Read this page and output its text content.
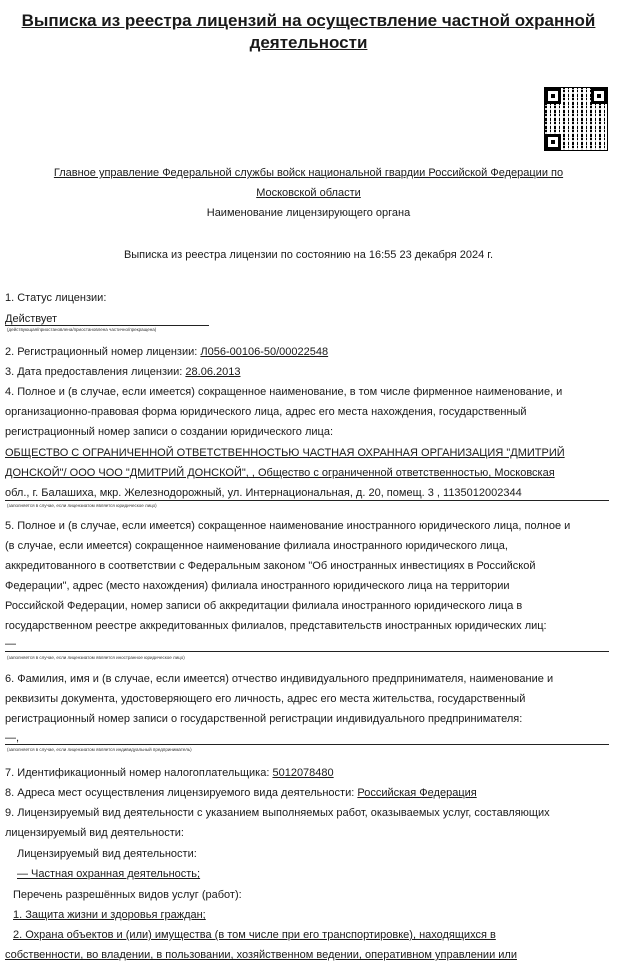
Выписка из реестра лицензий на осуществление частной охранной
деятельности
Главное управление Федеральной службы войск национальной гвардии Российской Федерации по
Московской области
Наименование лицензирующего органа
Выписка из реестра лицензии по состоянию на 16:55 23 декабря 2024 г.
1. Статус лицензии:
Действует
(действующая/приостановлена/приостановлена частично/прекращена)
2. Регистрационный номер лицензии: Л056-00106-50/00022548
3. Дата предоставления лицензии: 28.06.2013
4. Полное и (в случае, если имеется) сокращенное наименование, в том числе фирменное наименование, и
организационно-правовая форма юридического лица, адрес его места нахождения, государственный
регистрационный номер записи о создании юридического лица:
ОБЩЕСТВО С ОГРАНИЧЕННОЙ ОТВЕТСТВЕННОСТЬЮ ЧАСТНАЯ ОХРАННАЯ ОРГАНИЗАЦИЯ "ДМИТРИЙ
ДОНСКОЙ"/ ООО ЧОО "ДМИТРИЙ ДОНСКОЙ", , Общество с ограниченной ответственностью, Московская
обл., г. Балашиха, мкр. Железнодорожный, ул. Интернациональная, д. 20, помещ. 3 , 1135012002344
(заполняется в случае, если лицензиатом является юридическое лицо)
5. Полное и (в случае, если имеется) сокращенное наименование иностранного юридического лица, полное и
(в случае, если имеется) сокращенное наименование филиала иностранного юридического лица,
аккредитованного в соответствии с Федеральным законом "Об иностранных инвестициях в Российской
Федерации", адрес (место нахождения) филиала иностранного юридического лица на территории
Российской Федерации, номер записи об аккредитации филиала иностранного юридического лица в
государственном реестре аккредитованных филиалов, представительств иностранных юридических лиц:
—
(заполняется в случае, если лицензиатом является иностранное юридическое лицо)
6. Фамилия, имя и (в случае, если имеется) отчество индивидуального предпринимателя, наименование и
реквизиты документа, удостоверяющего его личность, адрес его места жительства, государственный
регистрационный номер записи о государственной регистрации индивидуального предпринимателя:
—,
(заполняется в случае, если лицензиатом является индивидуальный предприниматель)
7. Идентификационный номер налогоплательщика: 5012078480
8. Адреса мест осуществления лицензируемого вида деятельности: Российская Федерация
9. Лицензируемый вид деятельности с указанием выполняемых работ, оказываемых услуг, составляющих
лицензируемый вид деятельности:
Лицензируемый вид деятельности:
— Частная охранная деятельность;
Перечень разрешённых видов услуг (работ):
1. Защита жизни и здоровья граждан;
2. Охрана объектов и (или) имущества (в том числе при его транспортировке), находящихся в
собственности, во владении, в пользовании, хозяйственном ведении, оперативном управлении или
